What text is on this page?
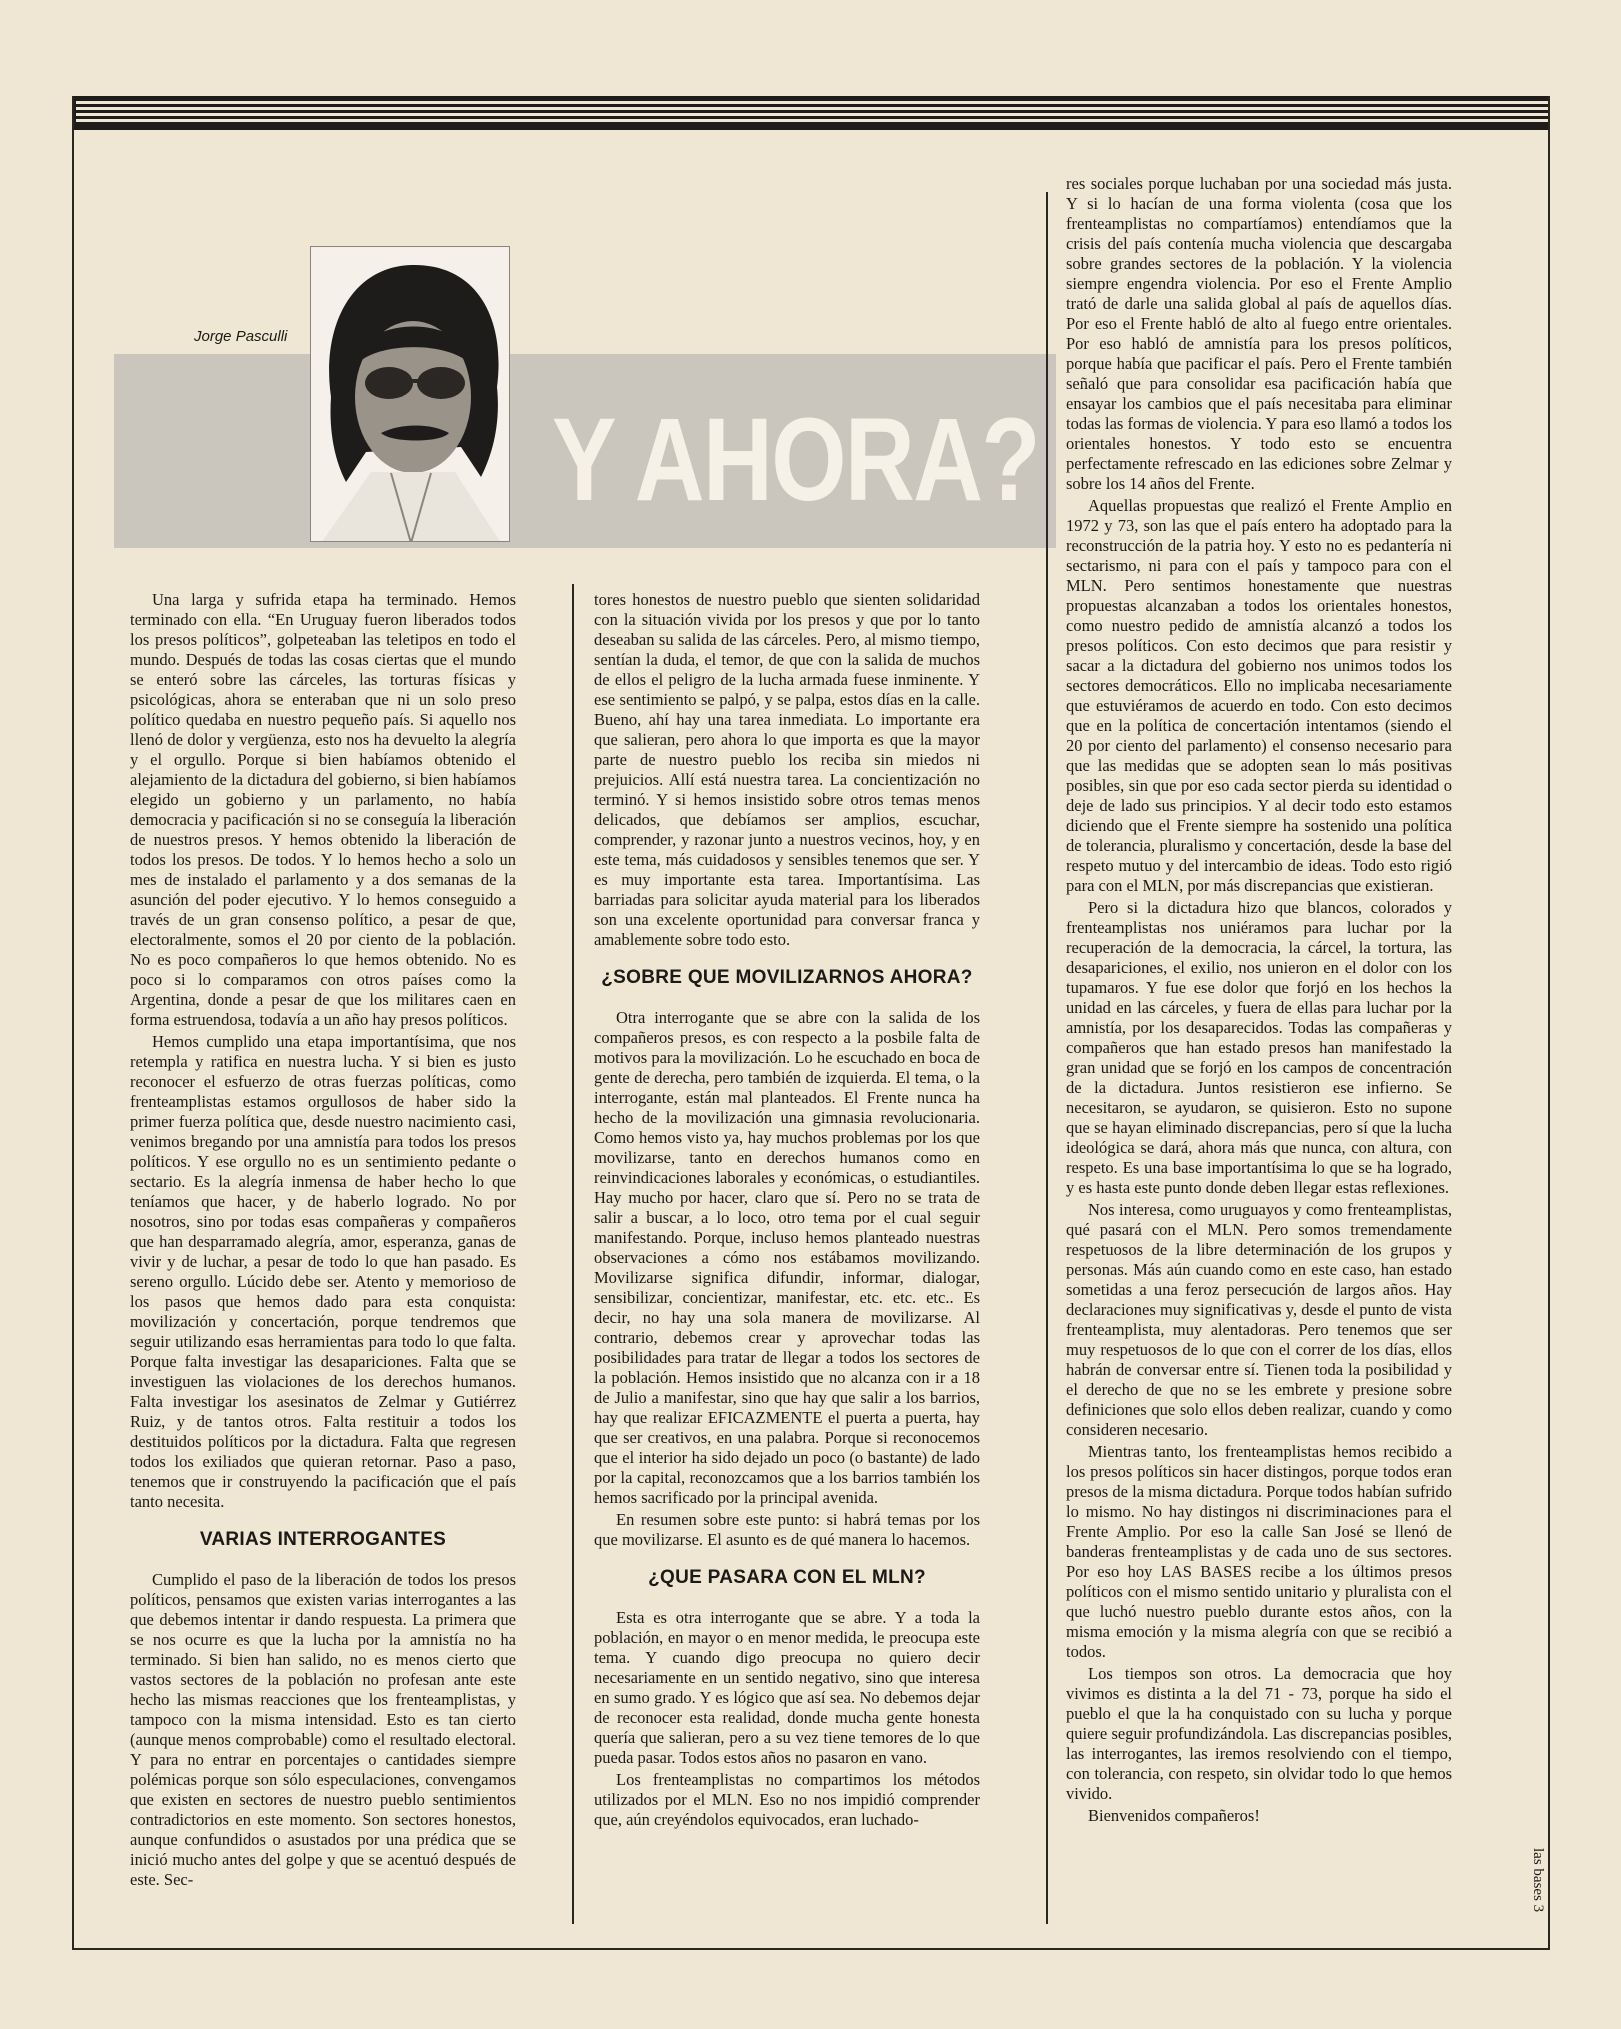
Y AHORA?
Jorge Pasculli

Una larga y sufrida etapa ha terminado. Hemos terminado con ella. “En Uruguay fueron liberados todos los presos políticos”, golpeteaban las teletipos en todo el mundo. Después de todas las cosas ciertas que el mundo se enteró sobre las cárceles, las torturas físicas y psicológicas, ahora se enteraban que ni un solo preso político quedaba en nuestro pequeño país. Si aquello nos llenó de dolor y vergüenza, esto nos ha devuelto la alegría y el orgullo. Porque si bien habíamos obtenido el alejamiento de la dictadura del gobierno, si bien habíamos elegido un gobierno y un parlamento, no había democracia y pacificación si no se conseguía la liberación de nuestros presos. Y hemos obtenido la liberación de todos los presos. De todos. Y lo hemos hecho a solo un mes de instalado el parlamento y a dos semanas de la asunción del poder ejecutivo. Y lo hemos conseguido a través de un gran consenso político, a pesar de que, electoralmente, somos el 20 por ciento de la población. No es poco compañeros lo que hemos obtenido. No es poco si lo comparamos con otros países como la Argentina, donde a pesar de que los militares caen en forma estruendosa, todavía a un año hay presos políticos.

Hemos cumplido una etapa importantísima, que nos retempla y ratifica en nuestra lucha. Y si bien es justo reconocer el esfuerzo de otras fuerzas políticas, como frenteamplistas estamos orgullosos de haber sido la primer fuerza política que, desde nuestro nacimiento casi, venimos bregando por una amnistía para todos los presos políticos. Y ese orgullo no es un sentimiento pedante o sectario. Es la alegría inmensa de haber hecho lo que teníamos que hacer, y de haberlo logrado. No por nosotros, sino por todas esas compañeras y compañeros que han desparramado alegría, amor, esperanza, ganas de vivir y de luchar, a pesar de todo lo que han pasado. Es sereno orgullo. Lúcido debe ser. Atento y memorioso de los pasos que hemos dado para esta conquista: movilización y concertación, porque tendremos que seguir utilizando esas herramientas para todo lo que falta. Porque falta investigar las desapariciones. Falta que se investiguen las violaciones de los derechos humanos. Falta investigar los asesinatos de Zelmar y Gutiérrez Ruiz, y de tantos otros. Falta restituir a todos los destituidos políticos por la dictadura. Falta que regresen todos los exiliados que quieran retornar. Paso a paso, tenemos que ir construyendo la pacificación que el país tanto necesita.

VARIAS INTERROGANTES

Cumplido el paso de la liberación de todos los presos políticos, pensamos que existen varias interrogantes a las que debemos intentar ir dando respuesta. La primera que se nos ocurre es que la lucha por la amnistía no ha terminado. Si bien han salido, no es menos cierto que vastos sectores de la población no profesan ante este hecho las mismas reacciones que los frenteamplistas, y tampoco con la misma intensidad. Esto es tan cierto (aunque menos comprobable) como el resultado electoral. Y para no entrar en porcentajes o cantidades siempre polémicas porque son sólo especulaciones, convengamos que existen en sectores de nuestro pueblo sentimientos contradictorios en este momento. Son sectores honestos, aunque confundidos o asustados por una prédica que se inició mucho antes del golpe y que se acentuó después de este. Sec-

tores honestos de nuestro pueblo que sienten solidaridad con la situación vivida por los presos y que por lo tanto deseaban su salida de las cárceles. Pero, al mismo tiempo, sentían la duda, el temor, de que con la salida de muchos de ellos el peligro de la lucha armada fuese inminente. Y ese sentimiento se palpó, y se palpa, estos días en la calle. Bueno, ahí hay una tarea inmediata. Lo importante era que salieran, pero ahora lo que importa es que la mayor parte de nuestro pueblo los reciba sin miedos ni prejuicios. Allí está nuestra tarea. La concientización no terminó. Y si hemos insistido sobre otros temas menos delicados, que debíamos ser amplios, escuchar, comprender, y razonar junto a nuestros vecinos, hoy, y en este tema, más cuidadosos y sensibles tenemos que ser. Y es muy importante esta tarea. Importantísima. Las barriadas para solicitar ayuda material para los liberados son una excelente oportunidad para conversar franca y amablemente sobre todo esto.

¿SOBRE QUE MOVILIZARNOS AHORA?

Otra interrogante que se abre con la salida de los compañeros presos, es con respecto a la posbile falta de motivos para la movilización. Lo he escuchado en boca de gente de derecha, pero también de izquierda. El tema, o la interrogante, están mal planteados. El Frente nunca ha hecho de la movilización una gimnasia revolucionaria. Como hemos visto ya, hay muchos problemas por los que movilizarse, tanto en derechos humanos como en reinvindicaciones laborales y económicas, o estudiantiles. Hay mucho por hacer, claro que sí. Pero no se trata de salir a buscar, a lo loco, otro tema por el cual seguir manifestando. Porque, incluso hemos planteado nuestras observaciones a cómo nos estábamos movilizando. Movilizarse significa difundir, informar, dialogar, sensibilizar, concientizar, manifestar, etc. etc. etc.. Es decir, no hay una sola manera de movilizarse. Al contrario, debemos crear y aprovechar todas las posibilidades para tratar de llegar a todos los sectores de la población. Hemos insistido que no alcanza con ir a 18 de Julio a manifestar, sino que hay que salir a los barrios, hay que realizar EFICAZMENTE el puerta a puerta, hay que ser creativos, en una palabra. Porque si reconocemos que el interior ha sido dejado un poco (o bastante) de lado por la capital, reconozcamos que a los barrios también los hemos sacrificado por la principal avenida.

En resumen sobre este punto: si habrá temas por los que movilizarse. El asunto es de qué manera lo hacemos.

¿QUE PASARA CON EL MLN?

Esta es otra interrogante que se abre. Y a toda la población, en mayor o en menor medida, le preocupa este tema. Y cuando digo preocupa no quiero decir necesariamente en un sentido negativo, sino que interesa en sumo grado. Y es lógico que así sea. No debemos dejar de reconocer esta realidad, donde mucha gente honesta quería que salieran, pero a su vez tiene temores de lo que pueda pasar. Todos estos años no pasaron en vano.

Los frenteamplistas no compartimos los métodos utilizados por el MLN. Eso no nos impidió comprender que, aún creyéndolos equivocados, eran luchado-

res sociales porque luchaban por una sociedad más justa. Y si lo hacían de una forma violenta (cosa que los frenteamplistas no compartíamos) entendíamos que la crisis del país contenía mucha violencia que descargaba sobre grandes sectores de la población. Y la violencia siempre engendra violencia. Por eso el Frente Amplio trató de darle una salida global al país de aquellos días. Por eso el Frente habló de alto al fuego entre orientales. Por eso habló de amnistía para los presos políticos, porque había que pacificar el país. Pero el Frente también señaló que para consolidar esa pacificación había que ensayar los cambios que el país necesitaba para eliminar todas las formas de violencia. Y para eso llamó a todos los orientales honestos. Y todo esto se encuentra perfectamente refrescado en las ediciones sobre Zelmar y sobre los 14 años del Frente.

Aquellas propuestas que realizó el Frente Amplio en 1972 y 73, son las que el país entero ha adoptado para la reconstrucción de la patria hoy. Y esto no es pedantería ni sectarismo, ni para con el país y tampoco para con el MLN. Pero sentimos honestamente que nuestras propuestas alcanzaban a todos los orientales honestos, como nuestro pedido de amnistía alcanzó a todos los presos políticos. Con esto decimos que para resistir y sacar a la dictadura del gobierno nos unimos todos los sectores democráticos. Ello no implicaba necesariamente que estuviéramos de acuerdo en todo. Con esto decimos que en la política de concertación intentamos (siendo el 20 por ciento del parlamento) el consenso necesario para que las medidas que se adopten sean lo más positivas posibles, sin que por eso cada sector pierda su identidad o deje de lado sus principios. Y al decir todo esto estamos diciendo que el Frente siempre ha sostenido una política de tolerancia, pluralismo y concertación, desde la base del respeto mutuo y del intercambio de ideas. Todo esto rigió para con el MLN, por más discrepancias que existieran.

Pero si la dictadura hizo que blancos, colorados y frenteamplistas nos uniéramos para luchar por la recuperación de la democracia, la cárcel, la tortura, las desapariciones, el exilio, nos unieron en el dolor con los tupamaros. Y fue ese dolor que forjó en los hechos la unidad en las cárceles, y fuera de ellas para luchar por la amnistía, por los desaparecidos. Todas las compañeras y compañeros que han estado presos han manifestado la gran unidad que se forjó en los campos de concentración de la dictadura. Juntos resistieron ese infierno. Se necesitaron, se ayudaron, se quisieron. Esto no supone que se hayan eliminado discrepancias, pero sí que la lucha ideológica se dará, ahora más que nunca, con altura, con respeto. Es una base importantísima lo que se ha logrado, y es hasta este punto donde deben llegar estas reflexiones.

Nos interesa, como uruguayos y como frenteamplistas, qué pasará con el MLN. Pero somos tremendamente respetuosos de la libre determinación de los grupos y personas. Más aún cuando como en este caso, han estado sometidas a una feroz persecución de largos años. Hay declaraciones muy significativas y, desde el punto de vista frenteamplista, muy alentadoras. Pero tenemos que ser muy respetuosos de lo que con el correr de los días, ellos habrán de conversar entre sí. Tienen toda la posibilidad y el derecho de que no se les embrete y presione sobre definiciones que solo ellos deben realizar, cuando y como consideren necesario.

Mientras tanto, los frenteamplistas hemos recibido a los presos políticos sin hacer distingos, porque todos eran presos de la misma dictadura. Porque todos habían sufrido lo mismo. No hay distingos ni discriminaciones para el Frente Amplio. Por eso la calle San José se llenó de banderas frenteamplistas y de cada uno de sus sectores. Por eso hoy LAS BASES recibe a los últimos presos políticos con el mismo sentido unitario y pluralista con el que luchó nuestro pueblo durante estos años, con la misma emoción y la misma alegría con que se recibió a todos.

Los tiempos son otros. La democracia que hoy vivimos es distinta a la del 71 - 73, porque ha sido el pueblo el que la ha conquistado con su lucha y porque quiere seguir profundizándola. Las discrepancias posibles, las interrogantes, las iremos resolviendo con el tiempo, con tolerancia, con respeto, sin olvidar todo lo que hemos vivido.

Bienvenidos compañeros!

las bases 3
